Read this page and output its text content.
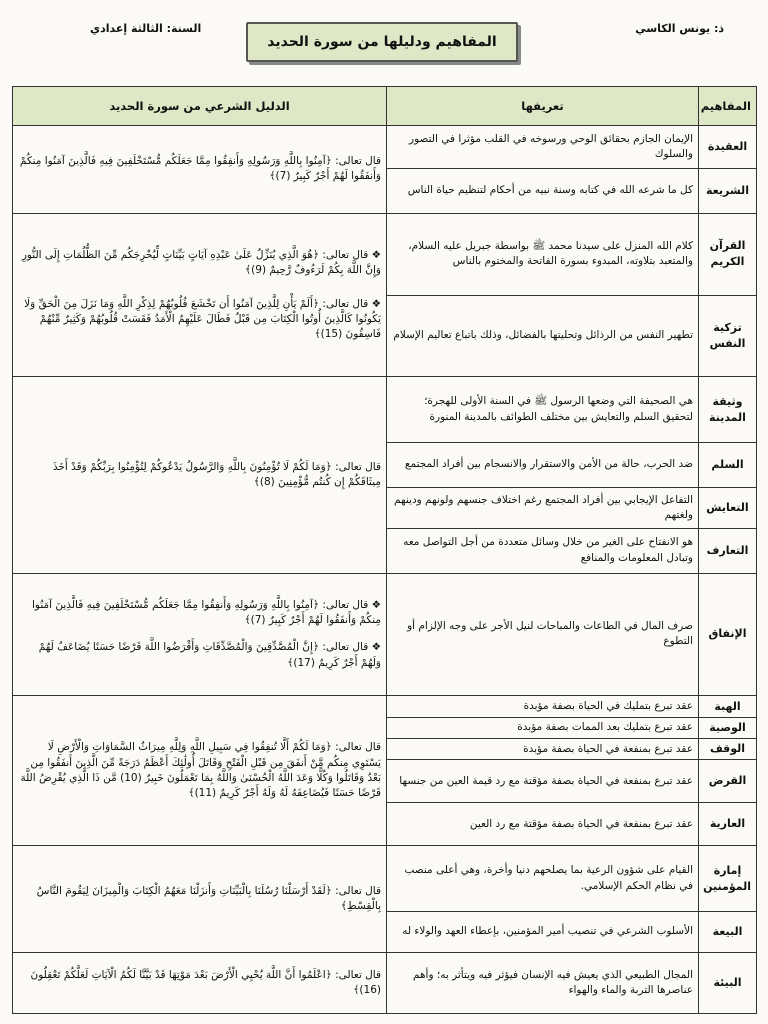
ذ: يونس الكاسي
المفاهيم ودليلها من سورة الحديد
السنة: الثالثة إعدادي
المفاهيم	تعريفها	الدليل الشرعي من سورة الحديد
العقيدة	الإيمان الجازم بحقائق الوحي ورسوخه في القلب مؤثرا في التصور والسلوك	قال تعالى: ﴿آمِنُوا بِاللَّهِ وَرَسُولِهِ وَأَنفِقُوا مِمَّا جَعَلَكُم مُّسْتَخْلَفِينَ فِيهِ فَالَّذِينَ آمَنُوا مِنكُمْ وَأَنفَقُوا لَهُمْ أَجْرٌ كَبِيرٌ (7)﴾

الشريعة	كل ما شرعه الله في كتابه وسنة نبيه من أحكام لتنظيم حياة الناس	
القرآن الكريم	كلام الله المنزل على سيدنا محمد ﷺ بواسطة جبريل عليه السلام، والمتعبد بتلاوته، المبدوء بسورة الفاتحة والمختوم بالناس	❖ قال تعالى: ﴿هُوَ الَّذِي يُنَزِّلُ عَلَىٰ عَبْدِهِ آيَاتٍ بَيِّنَاتٍ لِّيُخْرِجَكُم مِّنَ الظُّلُمَاتِ إِلَى النُّورِ وَإِنَّ اللَّهَ بِكُمْ لَرَءُوفٌ رَّحِيمٌ (9)﴾
❖ قال تعالى: ﴿أَلَمْ يَأْنِ لِلَّذِينَ آمَنُوا أَن تَخْشَعَ قُلُوبُهُمْ لِذِكْرِ اللَّهِ وَمَا نَزَلَ مِنَ الْحَقِّ وَلَا يَكُونُوا كَالَّذِينَ أُوتُوا الْكِتَابَ مِن قَبْلُ فَطَالَ عَلَيْهِمُ الْأَمَدُ فَقَسَتْ قُلُوبُهُمْ وَكَثِيرٌ مِّنْهُمْ فَاسِقُونَ (15)﴾

تزكية النفس	تطهير النفس من الرذائل وتحليتها بالفضائل، وذلك باتباع تعاليم الإسلام	
وثيقة المدينة	هي الصحيفة التي وضعها الرسول ﷺ في السنة الأولى للهجرة؛ لتحقيق السلم والتعايش بين مختلف الطوائف بالمدينة المنورة	قال تعالى: ﴿وَمَا لَكُمْ لَا تُؤْمِنُونَ بِاللَّهِ وَالرَّسُولُ يَدْعُوكُمْ لِتُؤْمِنُوا بِرَبِّكُمْ وَقَدْ أَخَذَ مِيثَاقَكُمْ إِن كُنتُم مُّؤْمِنِينَ (8)﴾

السلم	ضد الحرب، حالة من الأمن والاستقرار والانسجام بين أفراد المجتمع	
التعايش	التفاعل الإيجابي بين أفراد المجتمع رغم اختلاف جنسهم ولونهم ودينهم ولغتهم	
التعارف	هو الانفتاح على الغير من خلال وسائل متعددة من أجل التواصل معه وتبادل المعلومات والمنافع	
الإنفاق	صرف المال في الطاعات والمباحات لنيل الأجر على وجه الإلزام أو التطوع	❖ قال تعالى: ﴿آمِنُوا بِاللَّهِ وَرَسُولِهِ وَأَنفِقُوا مِمَّا جَعَلَكُم مُّسْتَخْلَفِينَ فِيهِ فَالَّذِينَ آمَنُوا مِنكُمْ وَأَنفَقُوا لَهُمْ أَجْرٌ كَبِيرٌ (7)﴾
❖ قال تعالى: ﴿إِنَّ الْمُصَّدِّقِينَ وَالْمُصَّدِّقَاتِ وَأَقْرَضُوا اللَّهَ قَرْضًا حَسَنًا يُضَاعَفُ لَهُمْ وَلَهُمْ أَجْرٌ كَرِيمٌ (17)﴾

الهبة	عقد تبرع بتمليك في الحياة بصفة مؤبدة	قال تعالى: ﴿وَمَا لَكُمْ أَلَّا تُنفِقُوا فِي سَبِيلِ اللَّهِ وَلِلَّهِ مِيرَاثُ السَّمَاوَاتِ وَالْأَرْضِ لَا يَسْتَوِي مِنكُم مَّنْ أَنفَقَ مِن قَبْلِ الْفَتْحِ وَقَاتَلَ أُولَٰئِكَ أَعْظَمُ دَرَجَةً مِّنَ الَّذِينَ أَنفَقُوا مِن بَعْدُ وَقَاتَلُوا وَكُلًّا وَعَدَ اللَّهُ الْحُسْنَىٰ وَاللَّهُ بِمَا تَعْمَلُونَ خَبِيرٌ (10) مَّن ذَا الَّذِي يُقْرِضُ اللَّهَ قَرْضًا حَسَنًا فَيُضَاعِفَهُ لَهُ وَلَهُ أَجْرٌ كَرِيمٌ (11)﴾

الوصية	عقد تبرع بتمليك بعد الممات بصفة مؤبدة	
الوقف	عقد تبرع بمنفعة في الحياة بصفة مؤبدة	
القرض	عقد تبرع بمنفعة في الحياة بصفة مؤقتة مع رد قيمة العين من جنسها	
العارية	عقد تبرع بمنفعة في الحياة بصفة مؤقتة مع رد العين	
إمارة المؤمنين	القيام على شؤون الرعية بما يصلحهم دنيا وأخرة، وهي أعلى منصب في نظام الحكم الإسلامي.	قال تعالى: ﴿لَقَدْ أَرْسَلْنَا رُسُلَنَا بِالْبَيِّنَاتِ وَأَنزَلْنَا مَعَهُمُ الْكِتَابَ وَالْمِيزَانَ لِيَقُومَ النَّاسُ بِالْقِسْطِ﴾

البيعة	الأسلوب الشرعي في تنصيب أمير المؤمنين، بإعطاء العهد والولاء له	
البيئة	المجال الطبيعي الذي يعيش فيه الإنسان فيؤثر فيه ويتأثر به؛ وأهم عناصرها التربة والماء والهواء	قال تعالى: ﴿اعْلَمُوا أَنَّ اللَّهَ يُحْيِي الْأَرْضَ بَعْدَ مَوْتِهَا قَدْ بَيَّنَّا لَكُمُ الْآيَاتِ لَعَلَّكُمْ تَعْقِلُونَ (16)﴾
